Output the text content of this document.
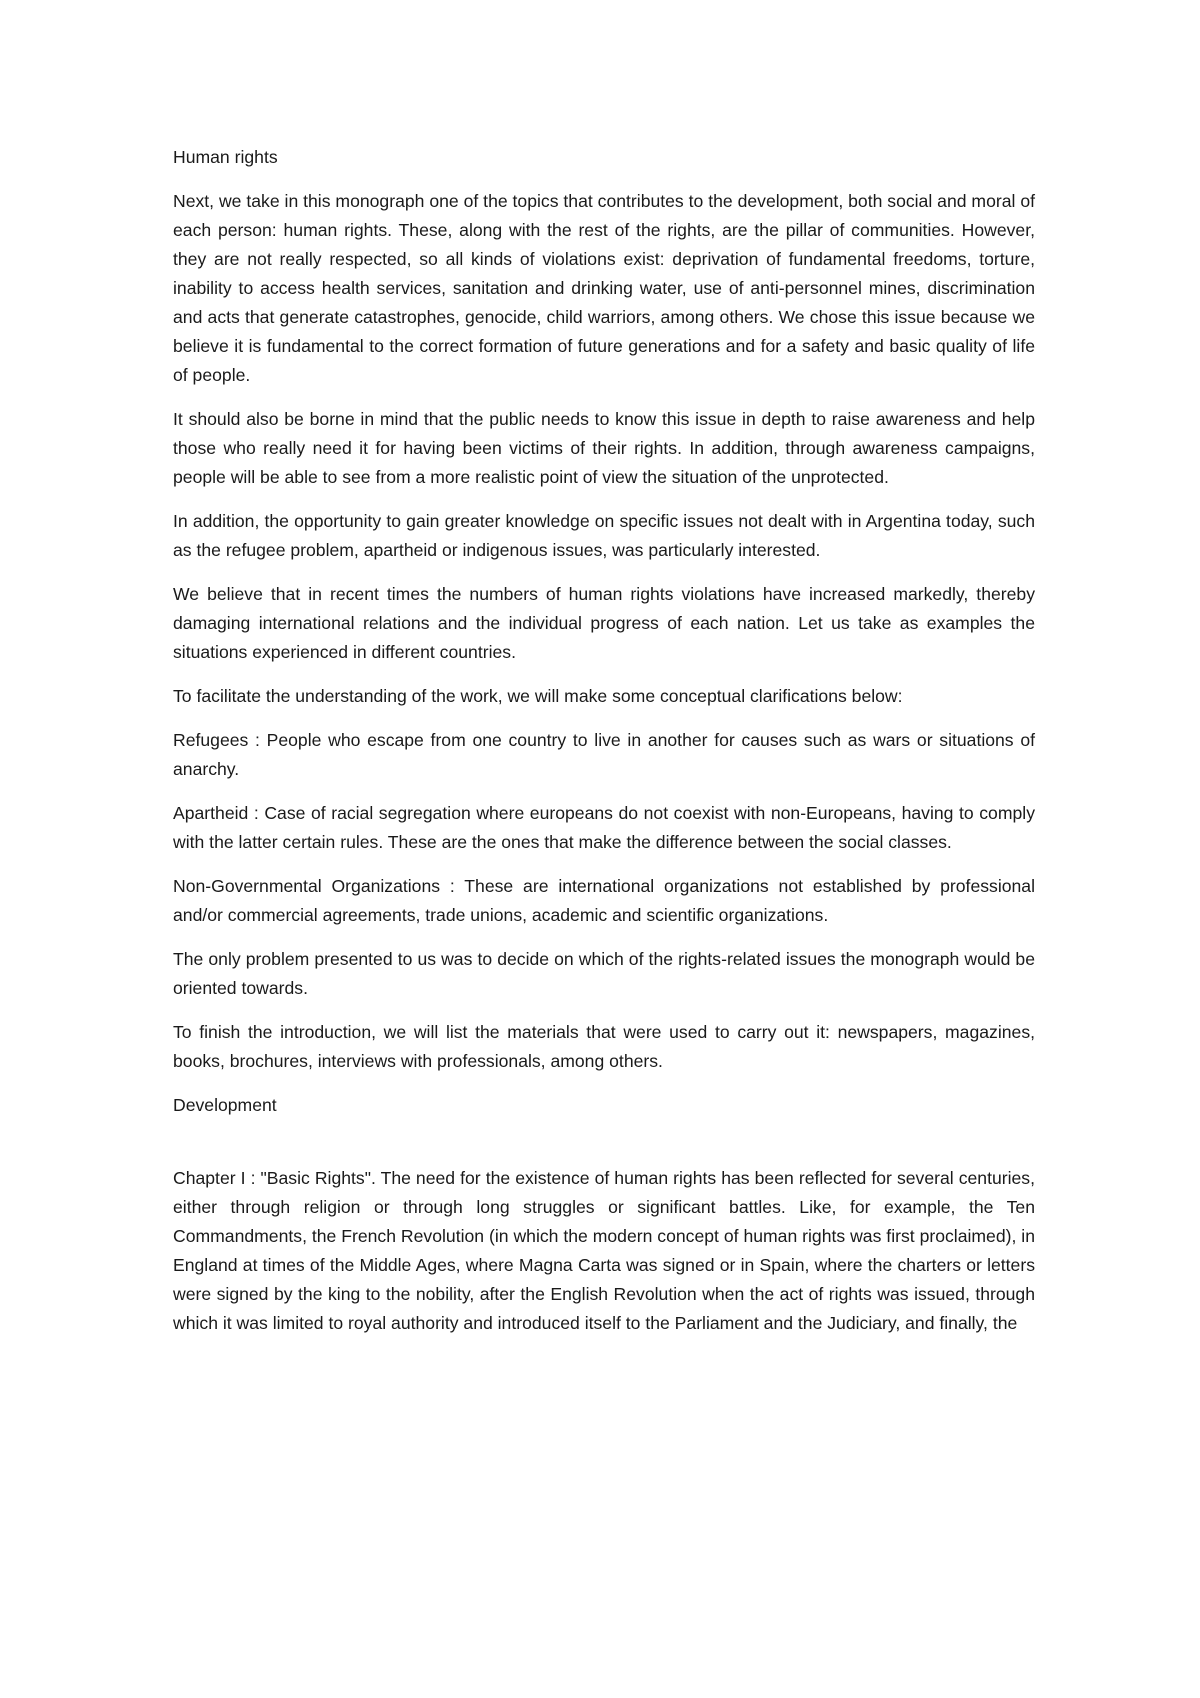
Human rights

Next, we take in this monograph one of the topics that contributes to the development, both social and moral of each person: human rights. These, along with the rest of the rights, are the pillar of communities. However, they are not really respected, so all kinds of violations exist: deprivation of fundamental freedoms, torture, inability to access health services, sanitation and drinking water, use of anti-personnel mines, discrimination and acts that generate catastrophes, genocide, child warriors, among others. We chose this issue because we believe it is fundamental to the correct formation of future generations and for a safety and basic quality of life of people.

It should also be borne in mind that the public needs to know this issue in depth to raise awareness and help those who really need it for having been victims of their rights. In addition, through awareness campaigns, people will be able to see from a more realistic point of view the situation of the unprotected.

In addition, the opportunity to gain greater knowledge on specific issues not dealt with in Argentina today, such as the refugee problem, apartheid or indigenous issues, was particularly interested.

We believe that in recent times the numbers of human rights violations have increased markedly, thereby damaging international relations and the individual progress of each nation. Let us take as examples the situations experienced in different countries.

To facilitate the understanding of the work, we will make some conceptual clarifications below:

Refugees : People who escape from one country to live in another for causes such as wars or situations of anarchy.

Apartheid : Case of racial segregation where europeans do not coexist with non-Europeans, having to comply with the latter certain rules. These are the ones that make the difference between the social classes.

Non-Governmental Organizations : These are international organizations not established by professional and/or commercial agreements, trade unions, academic and scientific organizations.

The only problem presented to us was to decide on which of the rights-related issues the monograph would be oriented towards.

To finish the introduction, we will list the materials that were used to carry out it: newspapers, magazines, books, brochures, interviews with professionals, among others.

Development

Chapter I : "Basic Rights". The need for the existence of human rights has been reflected for several centuries, either through religion or through long struggles or significant battles. Like, for example, the Ten Commandments, the French Revolution (in which the modern concept of human rights was first proclaimed), in England at times of the Middle Ages, where Magna Carta was signed or in Spain, where the charters or letters were signed by the king to the nobility, after the English Revolution when the act of rights was issued, through which it was limited to royal authority and introduced itself to the Parliament and the Judiciary, and finally, the
